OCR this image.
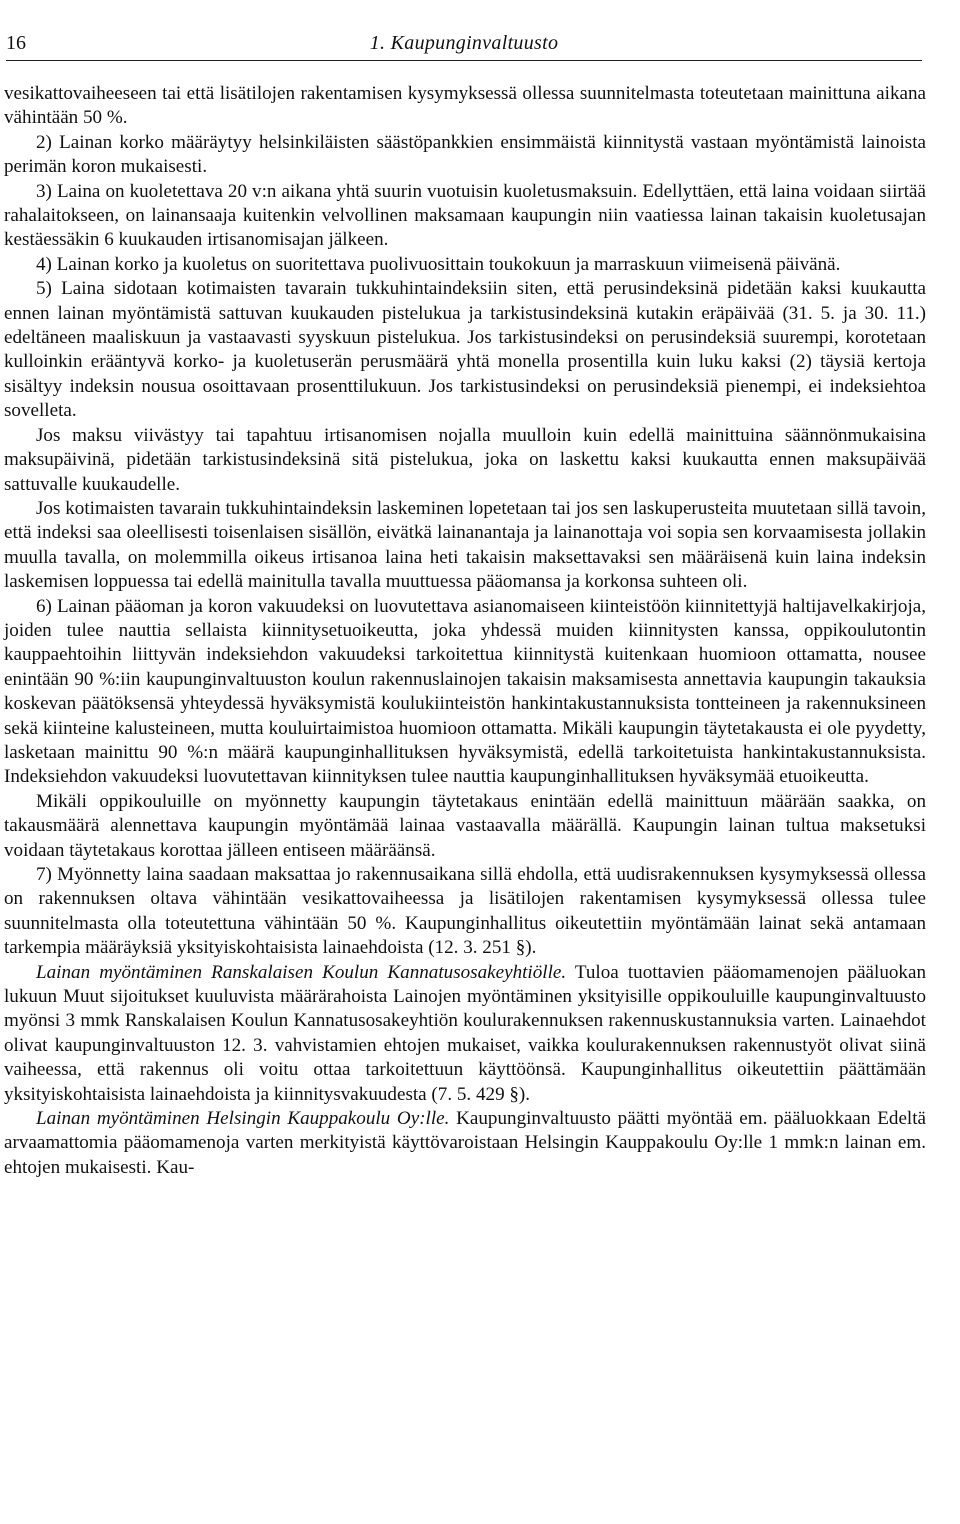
16	1. Kaupunginvaltuusto

vesikattovaiheeseen tai että lisätilojen rakentamisen kysymyksessä ollessa suunnitelmasta toteutetaan mainittuna aikana vähintään 50 %.

2) Lainan korko määräytyy helsinkiläisten säästöpankkien ensimmäistä kiinnitystä vastaan myöntämistä lainoista perimän koron mukaisesti.

3) Laina on kuoletettava 20 v:n aikana yhtä suurin vuotuisin kuoletusmaksuin. Edellyttäen, että laina voidaan siirtää rahalaitokseen, on lainansaaja kuitenkin velvollinen maksamaan kaupungin niin vaatiessa lainan takaisin kuoletusajan kestäessäkin 6 kuukauden irtisanomisajan jälkeen.

4) Lainan korko ja kuoletus on suoritettava puolivuosittain toukokuun ja marraskuun viimeisenä päivänä.

5) Laina sidotaan kotimaisten tavarain tukkuhintaindeksiin siten, että perusindeksinä pidetään kaksi kuukautta ennen lainan myöntämistä sattuvan kuukauden pistelukua ja tarkistusindeksinä kutakin eräpäivää (31. 5. ja 30. 11.) edeltäneen maaliskuun ja vastaavasti syyskuun pistelukua. Jos tarkistusindeksi on perusindeksiä suurempi, korotetaan kulloinkin erääntyvä korko- ja kuoletuserän perusmäärä yhtä monella prosentilla kuin luku kaksi (2) täysiä kertoja sisältyy indeksin nousua osoittavaan prosenttilukuun. Jos tarkistusindeksi on perusindeksiä pienempi, ei indeksiehtoa sovelleta.

Jos maksu viivästyy tai tapahtuu irtisanomisen nojalla muulloin kuin edellä mainittuina säännönmukaisina maksupäivinä, pidetään tarkistusindeksinä sitä pistelukua, joka on laskettu kaksi kuukautta ennen maksupäivää sattuvalle kuukaudelle.

Jos kotimaisten tavarain tukkuhintaindeksin laskeminen lopetetaan tai jos sen laskuperusteita muutetaan sillä tavoin, että indeksi saa oleellisesti toisenlaisen sisällön, eivätkä lainanantaja ja lainanottaja voi sopia sen korvaamisesta jollakin muulla tavalla, on molemmilla oikeus irtisanoa laina heti takaisin maksettavaksi sen määräisenä kuin laina indeksin laskemisen loppuessa tai edellä mainitulla tavalla muuttuessa pääomansa ja korkonsa suhteen oli.

6) Lainan pääoman ja koron vakuudeksi on luovutettava asianomaiseen kiinteistöön kiinnitettyjä haltijavelkakirjoja, joiden tulee nauttia sellaista kiinnitysetuoikeutta, joka yhdessä muiden kiinnitysten kanssa, oppikoulutontin kauppaehtoihin liittyvän indeksiehdon vakuudeksi tarkoitettua kiinnitystä kuitenkaan huomioon ottamatta, nousee enintään 90 %:iin kaupunginvaltuuston koulun rakennuslainojen takaisin maksamisesta annettavia kaupungin takauksia koskevan päätöksensä yhteydessä hyväksymistä koulukiinteistön hankintakustannuksista tontteineen ja rakennuksineen sekä kiinteine kalusteineen, mutta kouluirtaimistoa huomioon ottamatta. Mikäli kaupungin täytetakausta ei ole pyydetty, lasketaan mainittu 90 %:n määrä kaupunginhallituksen hyväksymistä, edellä tarkoitetuista hankintakustannuksista. Indeksiehdon vakuudeksi luovutettavan kiinnityksen tulee nauttia kaupunginhallituksen hyväksymää etuoikeutta.

Mikäli oppikouluille on myönnetty kaupungin täytetakaus enintään edellä mainittuun määrään saakka, on takausmäärä alennettava kaupungin myöntämää lainaa vastaavalla määrällä. Kaupungin lainan tultua maksetuksi voidaan täytetakaus korottaa jälleen entiseen määräänsä.

7) Myönnetty laina saadaan maksattaa jo rakennusaikana sillä ehdolla, että uudisrakennuksen kysymyksessä ollessa on rakennuksen oltava vähintään vesikattovaiheessa ja lisätilojen rakentamisen kysymyksessä ollessa tulee suunnitelmasta olla toteutettuna vähintään 50 %. Kaupunginhallitus oikeutettiin myöntämään lainat sekä antamaan tarkempia määräyksiä yksityiskohtaisista lainaehdoista (12. 3. 251 §).

Lainan myöntäminen Ranskalaisen Koulun Kannatusosakeyhtiölle. Tuloa tuottavien pääomamenojen pääluokan lukuun Muut sijoitukset kuuluvista määrärahoista Lainojen myöntäminen yksityisille oppikouluille kaupunginvaltuusto myönsi 3 mmk Ranskalaisen Koulun Kannatusosakeyhtiön koulurakennuksen rakennuskustannuksia varten. Lainaehdot olivat kaupunginvaltuuston 12. 3. vahvistamien ehtojen mukaiset, vaikka koulurakennuksen rakennustyöt olivat siinä vaiheessa, että rakennus oli voitu ottaa tarkoitettuun käyttöönsä. Kaupunginhallitus oikeutettiin päättämään yksityiskohtaisista lainaehdoista ja kiinnitysvakuudesta (7. 5. 429 §).

Lainan myöntäminen Helsingin Kauppakoulu Oy:lle. Kaupunginvaltuusto päätti myöntää em. pääluokkaan Edeltä arvaamattomia pääomamenoja varten merkityistä käyttövaroistaan Helsingin Kauppakoulu Oy:lle 1 mmk:n lainan em. ehtojen mukaisesti. Kau-
